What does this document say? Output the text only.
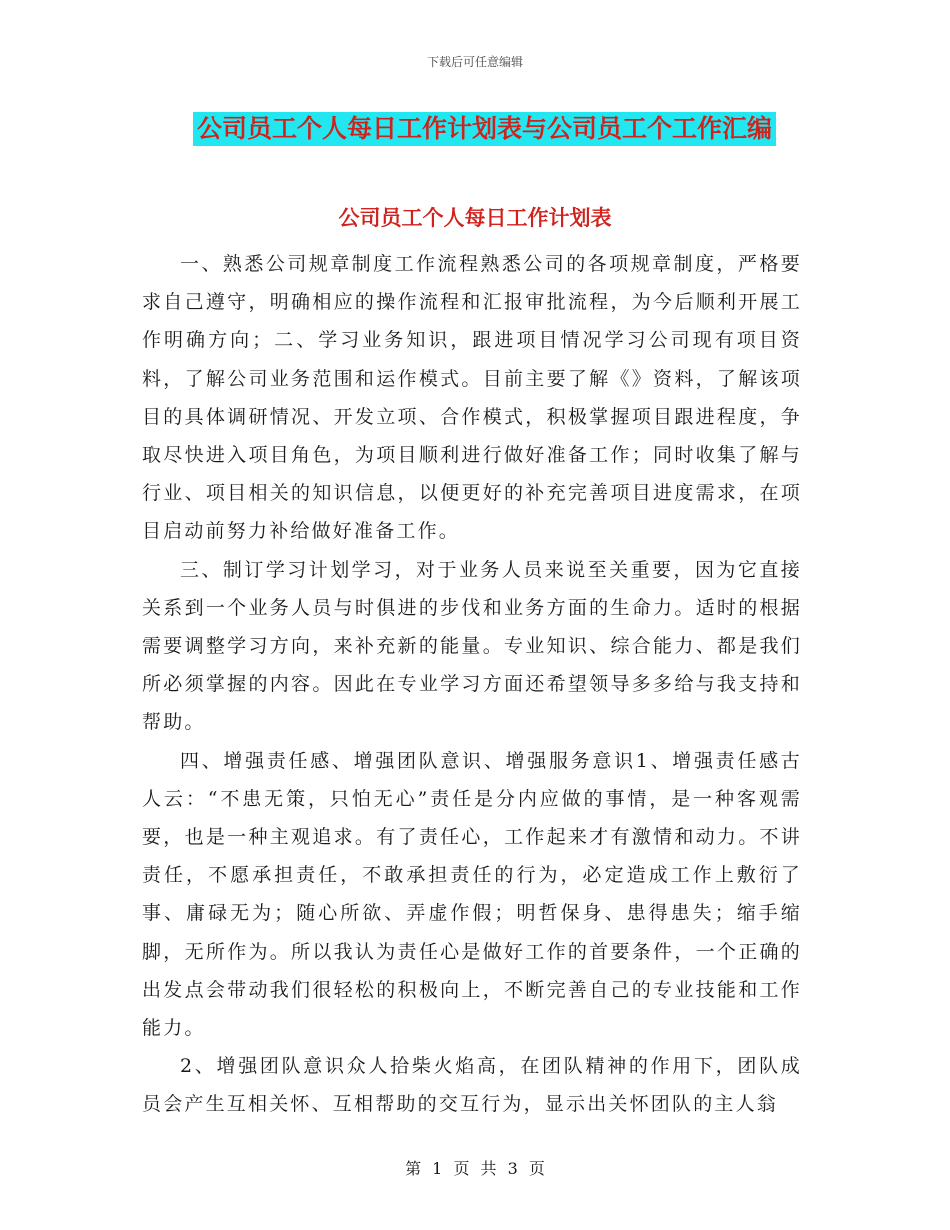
下载后可任意编辑
公司员工个人每日工作计划表与公司员工个工作汇编
公司员工个人每日工作计划表

一、熟悉公司规章制度工作流程熟悉公司的各项规章制度，严格要求自己遵守，明确相应的操作流程和汇报审批流程，为今后顺利开展工作明确方向；二、学习业务知识，跟进项目情况学习公司现有项目资料，了解公司业务范围和运作模式。目前主要了解《》资料，了解该项目的具体调研情况、开发立项、合作模式，积极掌握项目跟进程度，争取尽快进入项目角色，为项目顺利进行做好准备工作；同时收集了解与行业、项目相关的知识信息，以便更好的补充完善项目进度需求，在项目启动前努力补给做好准备工作。

三、制订学习计划学习，对于业务人员来说至关重要，因为它直接关系到一个业务人员与时俱进的步伐和业务方面的生命力。适时的根据需要调整学习方向，来补充新的能量。专业知识、综合能力、都是我们所必须掌握的内容。因此在专业学习方面还希望领导多多给与我支持和帮助。

四、增强责任感、增强团队意识、增强服务意识1、增强责任感古人云：“不患无策，只怕无心”责任是分内应做的事情，是一种客观需要，也是一种主观追求。有了责任心，工作起来才有激情和动力。不讲责任，不愿承担责任，不敢承担责任的行为，必定造成工作上敷衍了事、庸碌无为；随心所欲、弄虚作假；明哲保身、患得患失；缩手缩脚，无所作为。所以我认为责任心是做好工作的首要条件，一个正确的出发点会带动我们很轻松的积极向上，不断完善自己的专业技能和工作能力。

2、增强团队意识众人拾柴火焰高，在团队精神的作用下，团队成员会产生互相关怀、互相帮助的交互行为，显示出关怀团队的主人翁

第 1 页 共 3 页
